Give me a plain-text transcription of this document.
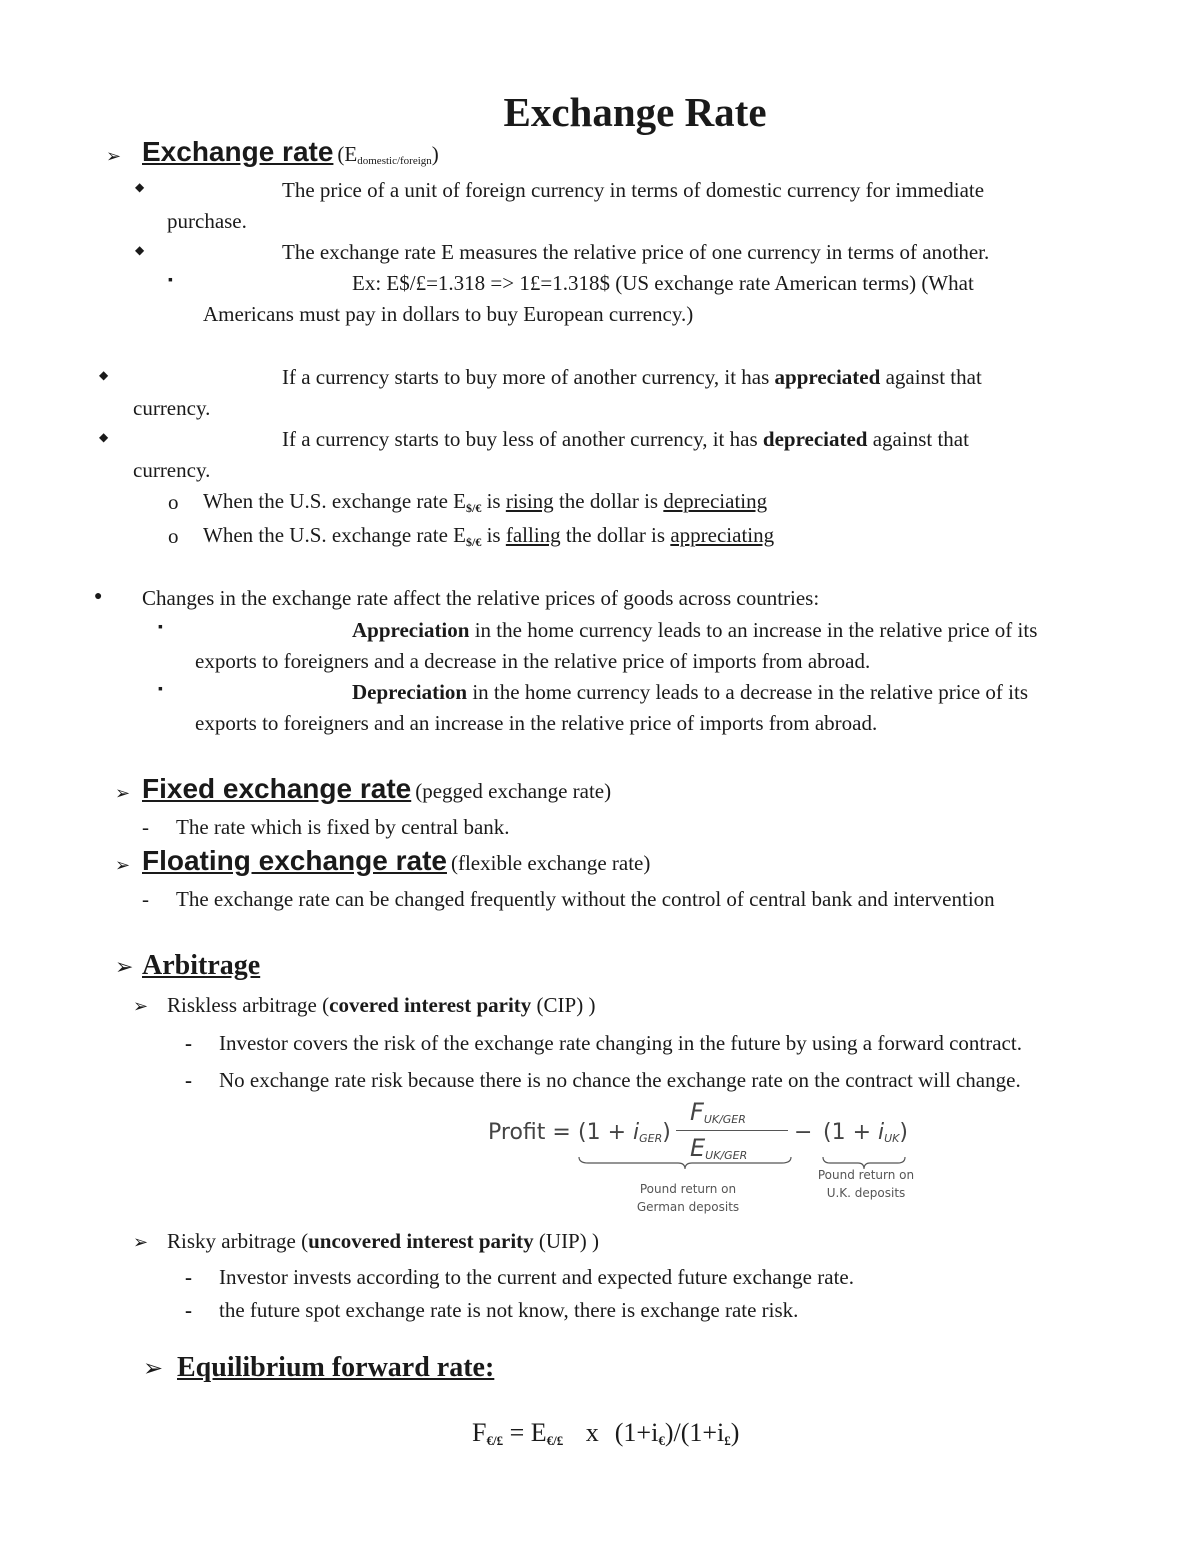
Exchange Rate
➢ Exchange rate $(E_{domestic/foreign})$
◆	The price of a unit of foreign currency in terms of domestic currency for immediate
purchase.
◆	The exchange rate E measures the relative price of one currency in terms of another.
▪	Ex: E$/£=1.318 => 1£=1.318$ (US exchange rate American terms) (What
Americans must pay in dollars to buy European currency.)
◆	If a currency starts to buy more of another currency, it has appreciated against that
currency.
◆	If a currency starts to buy less of another currency, it has depreciated against that
currency.
o When the U.S. exchange rate E$/€ is rising the dollar is depreciating
o When the U.S. exchange rate E$/€ is falling the dollar is appreciating
● Changes in the exchange rate affect the relative prices of goods across countries:
▪	Appreciation in the home currency leads to an increase in the relative price of its
exports to foreigners and a decrease in the relative price of imports from abroad.
▪	Depreciation in the home currency leads to a decrease in the relative price of its
exports to foreigners and an increase in the relative price of imports from abroad.
➢ Fixed exchange rate (pegged exchange rate)
- The rate which is fixed by central bank.
➢ Floating exchange rate (flexible exchange rate)
- The exchange rate can be changed frequently without the control of central bank and intervention
➢ Arbitrage
➢ Riskless arbitrage (covered interest parity (CIP) )
- Investor covers the risk of the exchange rate changing in the future by using a forward contract.
- No exchange rate risk because there is no chance the exchange rate on the contract will change.
Profit = (1 + iGER)
FUK/GER
EUK/GER
− (1 + iUK)
Pound return on
German deposits
Pound return on
U.K. deposits
➢ Risky arbitrage (uncovered interest parity (UIP) )
- Investor invests according to the current and expected future exchange rate.
- the future spot exchange rate is not know, there is exchange rate risk.
➢ Equilibrium forward rate:
F€/£ = E€/£ x (1+i€)/(1+i£)
